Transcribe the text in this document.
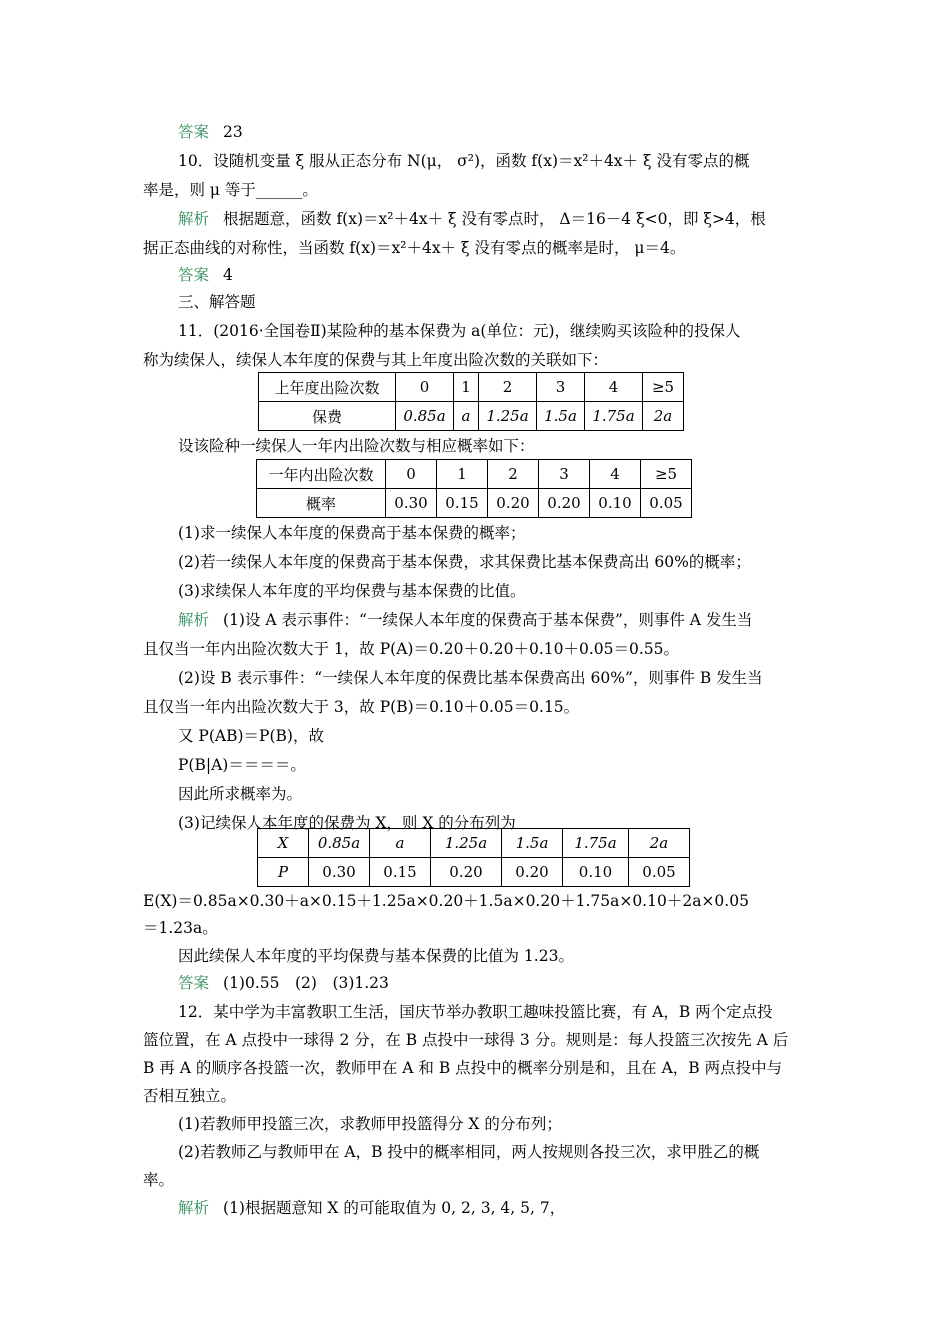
答案 23
10．设随机变量 ξ 服从正态分布 N(μ， σ²)，函数 f(x)＝x²＋4x＋ ξ 没有零点的概
率是，则 μ 等于______。
解析 根据题意，函数 f(x)＝x²＋4x＋ ξ 没有零点时， Δ＝16－4 ξ<0，即 ξ>4，根
据正态曲线的对称性，当函数 f(x)＝x²＋4x＋ ξ 没有零点的概率是时， μ＝4。
答案 4
三、解答题
11．(2016·全国卷Ⅱ)某险种的基本保费为 a(单位：元)，继续购买该险种的投保人
称为续保人，续保人本年度的保费与其上年度出险次数的关联如下：
上年度出险次数	0	1	2	3	4	≥5
保费	0.85a	a	1.25a	1.5a	1.75a	2a
设该险种一续保人一年内出险次数与相应概率如下：
一年内出险次数	0	1	2	3	4	≥5
概率	0.30	0.15	0.20	0.20	0.10	0.05
(1)求一续保人本年度的保费高于基本保费的概率；
(2)若一续保人本年度的保费高于基本保费，求其保费比基本保费高出 60%的概率；
(3)求续保人本年度的平均保费与基本保费的比值。
解析 (1)设 A 表示事件：“一续保人本年度的保费高于基本保费”，则事件 A 发生当
且仅当一年内出险次数大于 1，故 P(A)＝0.20＋0.20＋0.10＋0.05＝0.55。
(2)设 B 表示事件：“一续保人本年度的保费比基本保费高出 60%”，则事件 B 发生当
且仅当一年内出险次数大于 3，故 P(B)＝0.10＋0.05＝0.15。
又 P(AB)＝P(B)，故
P(B|A)＝＝＝＝。
因此所求概率为。
(3)记续保人本年度的保费为 X，则 X 的分布列为
X	0.85a	a	1.25a	1.5a	1.75a	2a
P	0.30	0.15	0.20	0.20	0.10	0.05
E(X)＝0.85a×0.30＋a×0.15＋1.25a×0.20＋1.5a×0.20＋1.75a×0.10＋2a×0.05
＝1.23a。
因此续保人本年度的平均保费与基本保费的比值为 1.23。
答案 (1)0.55　(2)　(3)1.23
12．某中学为丰富教职工生活，国庆节举办教职工趣味投篮比赛，有 A，B 两个定点投
篮位置，在 A 点投中一球得 2 分，在 B 点投中一球得 3 分。规则是：每人投篮三次按先 A 后
B 再 A 的顺序各投篮一次，教师甲在 A 和 B 点投中的概率分别是和，且在 A，B 两点投中与
否相互独立。
(1)若教师甲投篮三次，求教师甲投篮得分 X 的分布列；
(2)若教师乙与教师甲在 A，B 投中的概率相同，两人按规则各投三次，求甲胜乙的概
率。
解析 (1)根据题意知 X 的可能取值为 0, 2, 3, 4, 5, 7，
